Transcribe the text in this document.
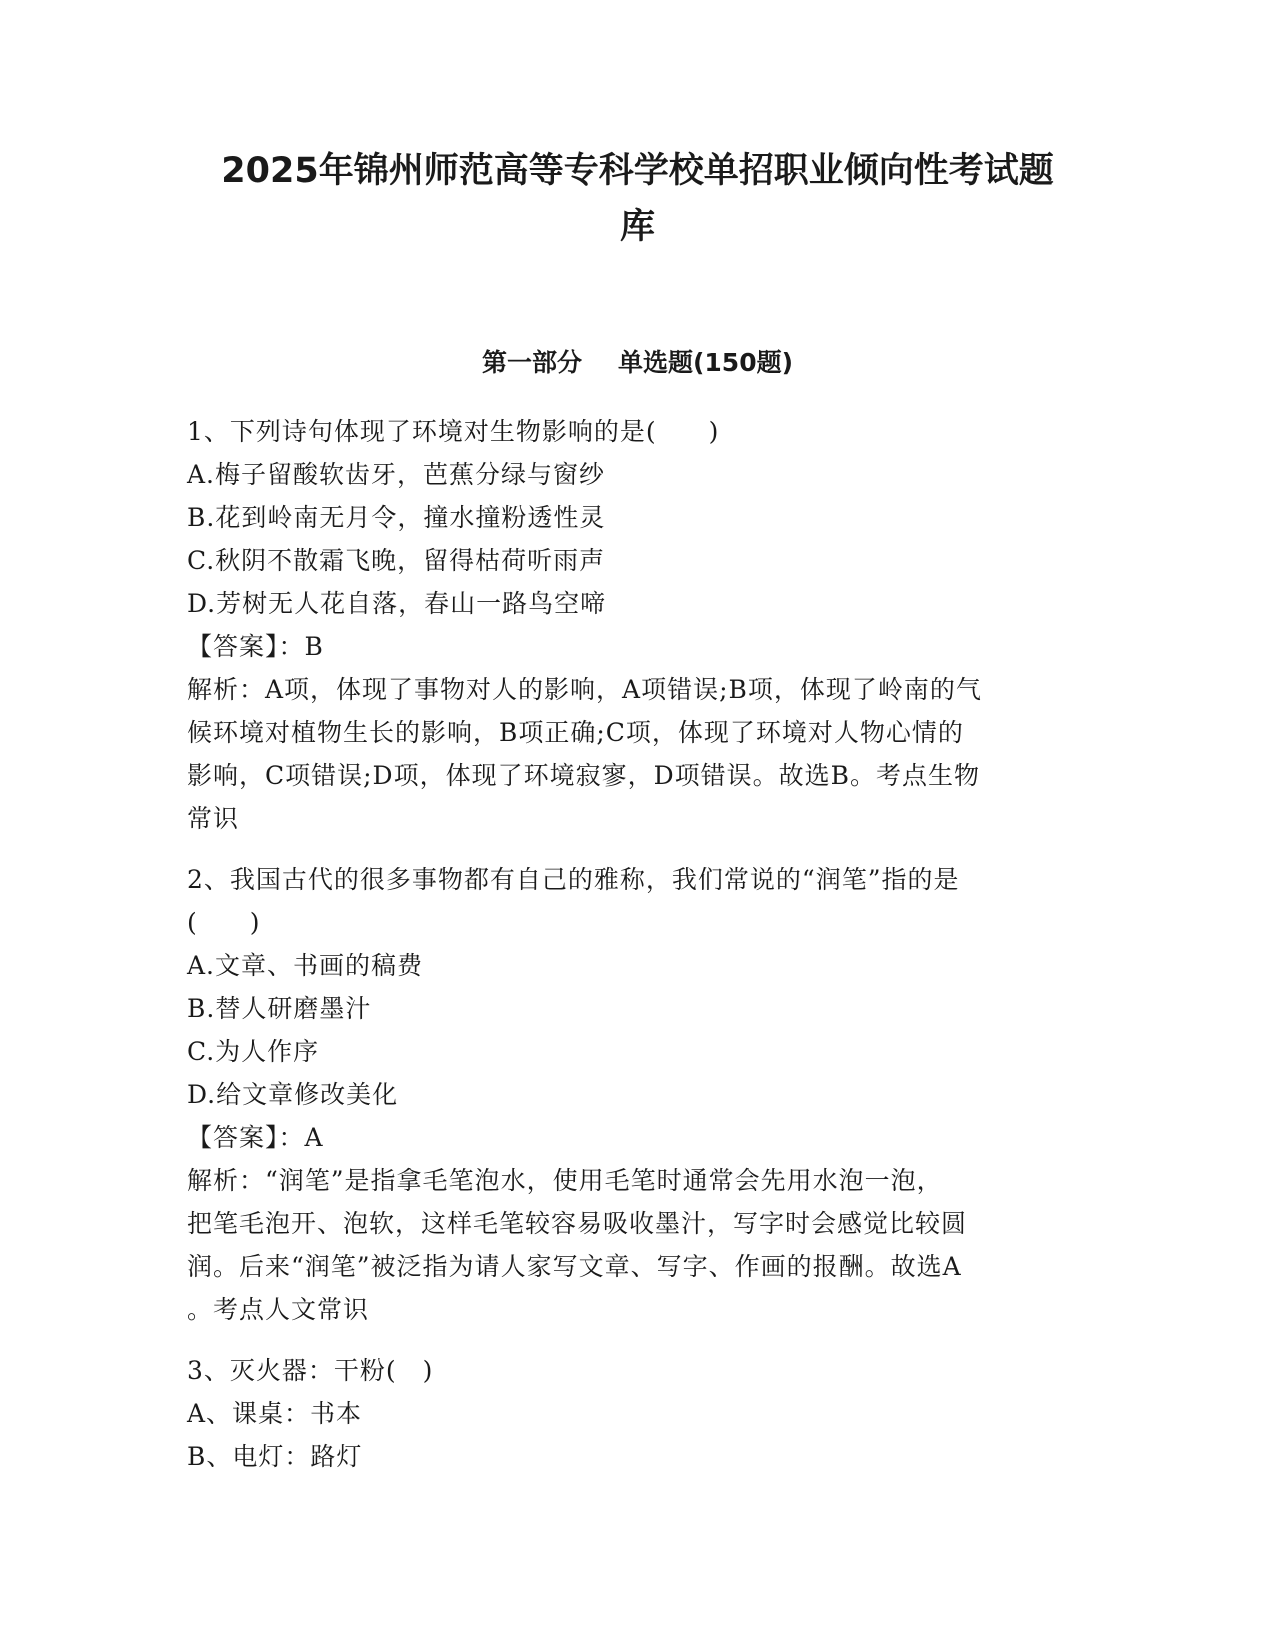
2025年锦州师范高等专科学校单招职业倾向性考试题
库
第一部分 单选题(150题)
1、下列诗句体现了环境对生物影响的是(　　)
A.梅子留酸软齿牙，芭蕉分绿与窗纱
B.花到岭南无月令，撞水撞粉透性灵
C.秋阴不散霜飞晚，留得枯荷听雨声
D.芳树无人花自落，春山一路鸟空啼
【答案】：B
解析：A项，体现了事物对人的影响，A项错误;B项，体现了岭南的气
候环境对植物生长的影响，B项正确;C项，体现了环境对人物心情的
影响，C项错误;D项，体现了环境寂寥，D项错误。故选B。考点生物
常识
2、我国古代的很多事物都有自己的雅称，我们常说的“润笔”指的是
(　　)
A.文章、书画的稿费
B.替人研磨墨汁
C.为人作序
D.给文章修改美化
【答案】：A
解析：“润笔”是指拿毛笔泡水，使用毛笔时通常会先用水泡一泡，
把笔毛泡开、泡软，这样毛笔较容易吸收墨汁，写字时会感觉比较圆
润。后来“润笔”被泛指为请人家写文章、写字、作画的报酬。故选A
。考点人文常识
3、灭火器：干粉(　)
A、课桌：书本
B、电灯：路灯
